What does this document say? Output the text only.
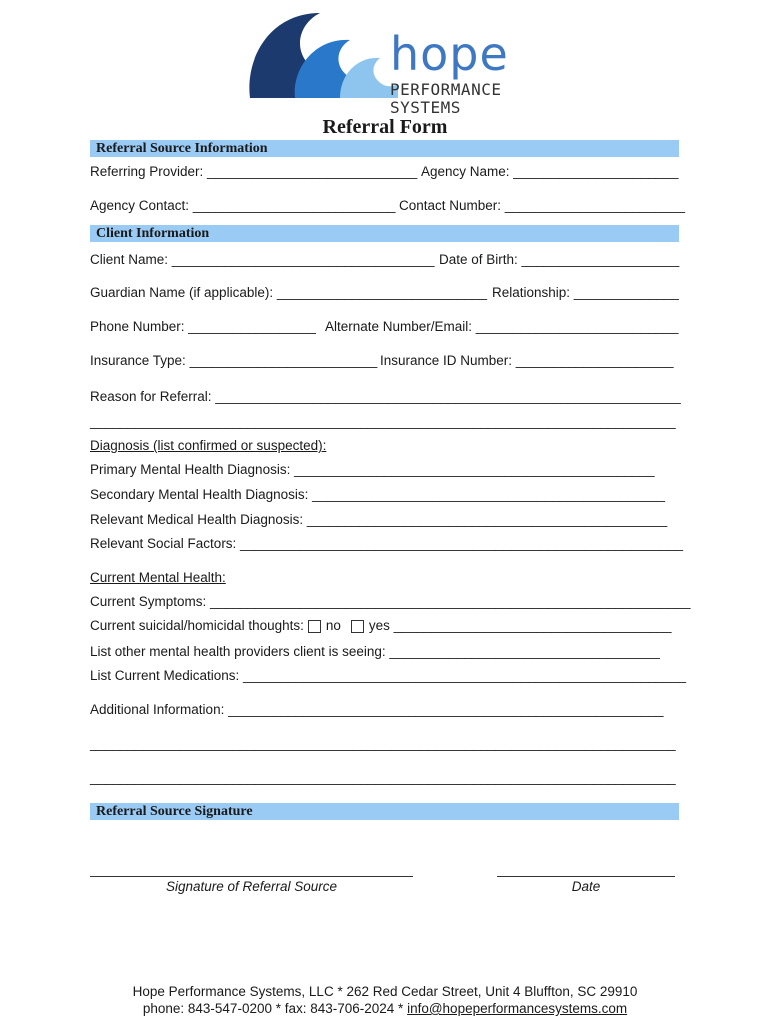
hope
PERFORMANCE SYSTEMS
Referral Form
Referral Source Information
Referring Provider: ____________________________ Agency Name: ______________________
Agency Contact: ___________________________ Contact Number: ________________________
Client Information
Client Name: ___________________________________ Date of Birth: _____________________
Guardian Name (if applicable): ____________________________ Relationship: ______________
Phone Number: _________________ Alternate Number/Email: ___________________________
Insurance Type: _________________________ Insurance ID Number: _____________________
Reason for Referral: ______________________________________________________________
______________________________________________________________________________
Diagnosis (list confirmed or suspected):
Primary Mental Health Diagnosis: ________________________________________________
Secondary Mental Health Diagnosis: _______________________________________________
Relevant Medical Health Diagnosis: ________________________________________________
Relevant Social Factors: ___________________________________________________________
Current Mental Health:
Current Symptoms: ________________________________________________________________
Current suicidal/homicidal thoughts: no yes _____________________________________
List other mental health providers client is seeing: ____________________________________
List Current Medications: ___________________________________________________________
Additional Information: __________________________________________________________
______________________________________________________________________________
______________________________________________________________________________
Referral Source Signature
Signature of Referral Source	Date
Hope Performance Systems, LLC * 262 Red Cedar Street, Unit 4 Bluffton, SC 29910
phone: 843-547-0200 * fax: 843-706-2024 * info@hopeperformancesystems.com
